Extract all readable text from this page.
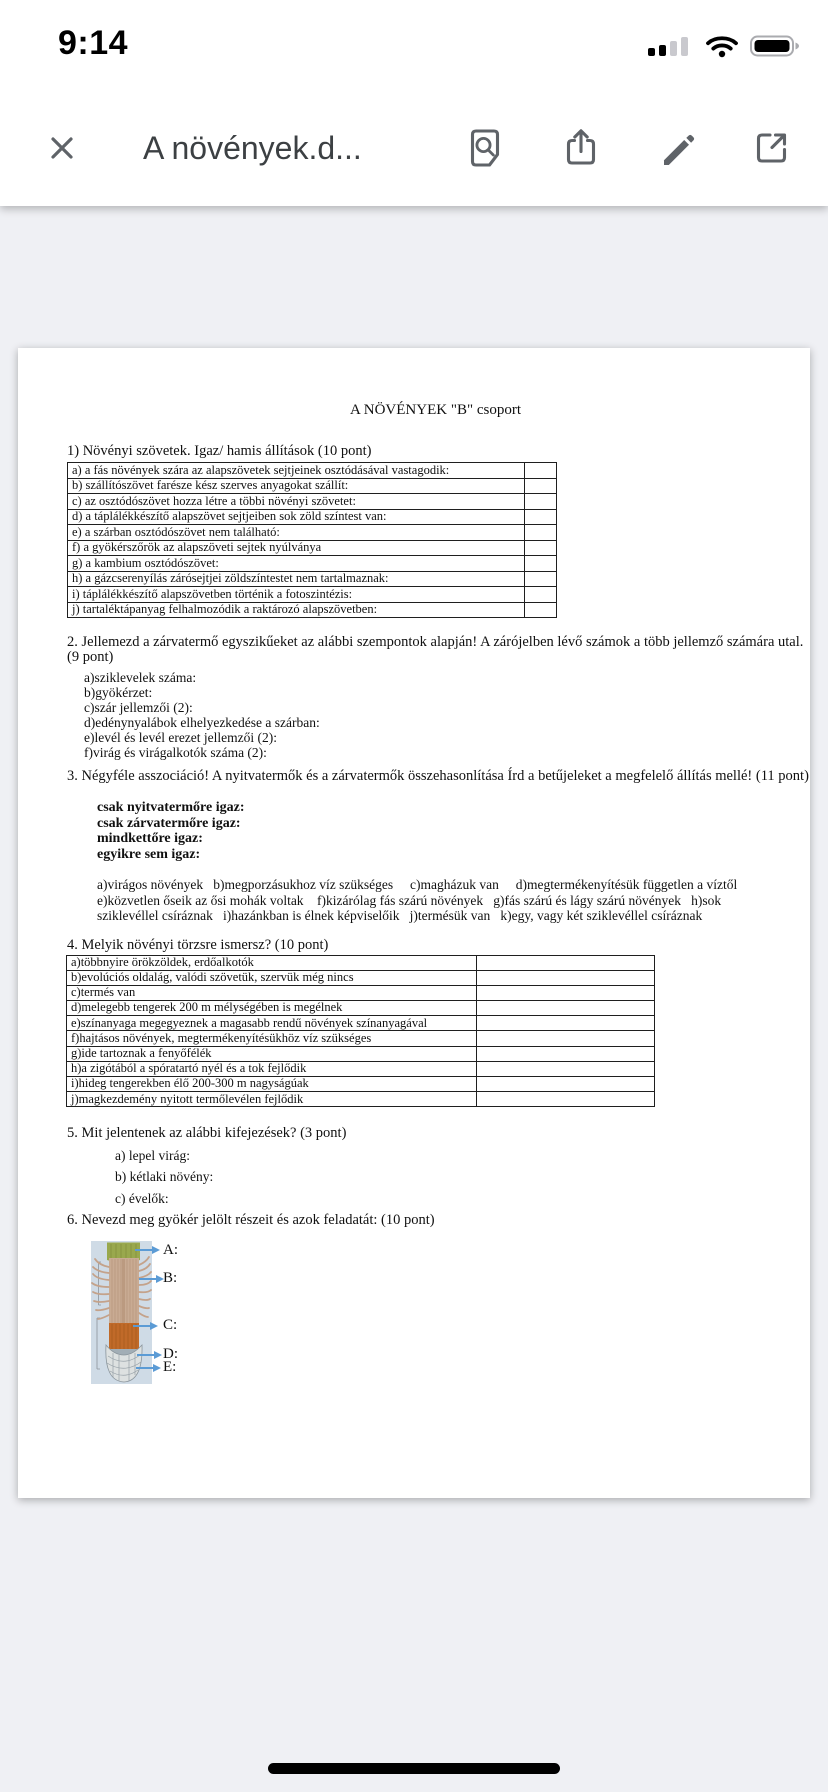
9:14
A növények.d...
A NÖVÉNYEK "B" csoport
1) Növényi szövetek. Igaz/ hamis állítások (10 pont)
a) a fás növények szára az alapszövetek sejtjeinek osztódásával vastagodik:	
b) szállítószövet farésze kész szerves anyagokat szállít:	
c) az osztódószövet hozza létre a többi növényi szövetet:	
d) a táplálékkészítő alapszövet sejtjeiben sok zöld színtest van:	
e) a szárban osztódószövet nem található:	
f) a gyökérszőrök az alapszöveti sejtek nyúlványa	
g) a kambium osztódószövet:	
h) a gázcserenyílás zárósejtjei zöldszíntestet nem tartalmaznak:	
i) táplálékkészítő alapszövetben történik a fotoszintézis:	
j) tartaléktápanyag felhalmozódik a raktározó alapszövetben:	
2. Jellemezd a zárvatermő egyszikűeket az alábbi szempontok alapján! A zárójelben lévő számok a több jellemző számára utal.
(9 pont)
a)sziklevelek száma:
b)gyökérzet:
c)szár jellemzői (2):
d)edénynyalábok elhelyezkedése a szárban:
e)levél és levél erezet jellemzői (2):
f)virág és virágalkotók száma (2):
3. Négyféle asszociáció! A nyitvatermők és a zárvatermők összehasonlítása Írd a betűjeleket a megfelelő állítás mellé! (11 pont)
csak nyitvatermőre igaz:
csak zárvatermőre igaz:
mindkettőre igaz:
egyikre sem igaz:
a)virágos növények   b)megporzásukhoz víz szükséges     c)magházuk van     d)megtermékenyítésük független a víztől
e)közvetlen őseik az ősi mohák voltak    f)kizárólag fás szárú növények   g)fás szárú és lágy szárú növények   h)sok
sziklevéllel csíráznak   i)hazánkban is élnek képviselőik   j)termésük van   k)egy, vagy két sziklevéllel csíráznak
4. Melyik növényi törzsre ismersz? (10 pont)
a)többnyire örökzöldek, erdőalkotók	
b)evolúciós oldalág, valódi szövetük, szervük még nincs	
c)termés van	
d)melegebb tengerek 200 m mélységében is megélnek	
e)színanyaga megegyeznek a magasabb rendű növények színanyagával	
f)hajtásos növények, megtermékenyítésükhöz víz szükséges	
g)ide tartoznak a fenyőfélék	
h)a zigótából a spóratartó nyél és a tok fejlődik	
i)hideg tengerekben élő 200-300 m nagyságúak	
j)magkezdemény nyitott termőlevélen fejlődik	
5. Mit jelentenek az alábbi kifejezések? (3 pont)
a) lepel virág:
b) kétlaki növény:
c) évelők:
6. Nevezd meg gyökér jelölt részeit és azok feladatát: (10 pont)
A:
B:
C:
D:
E:
